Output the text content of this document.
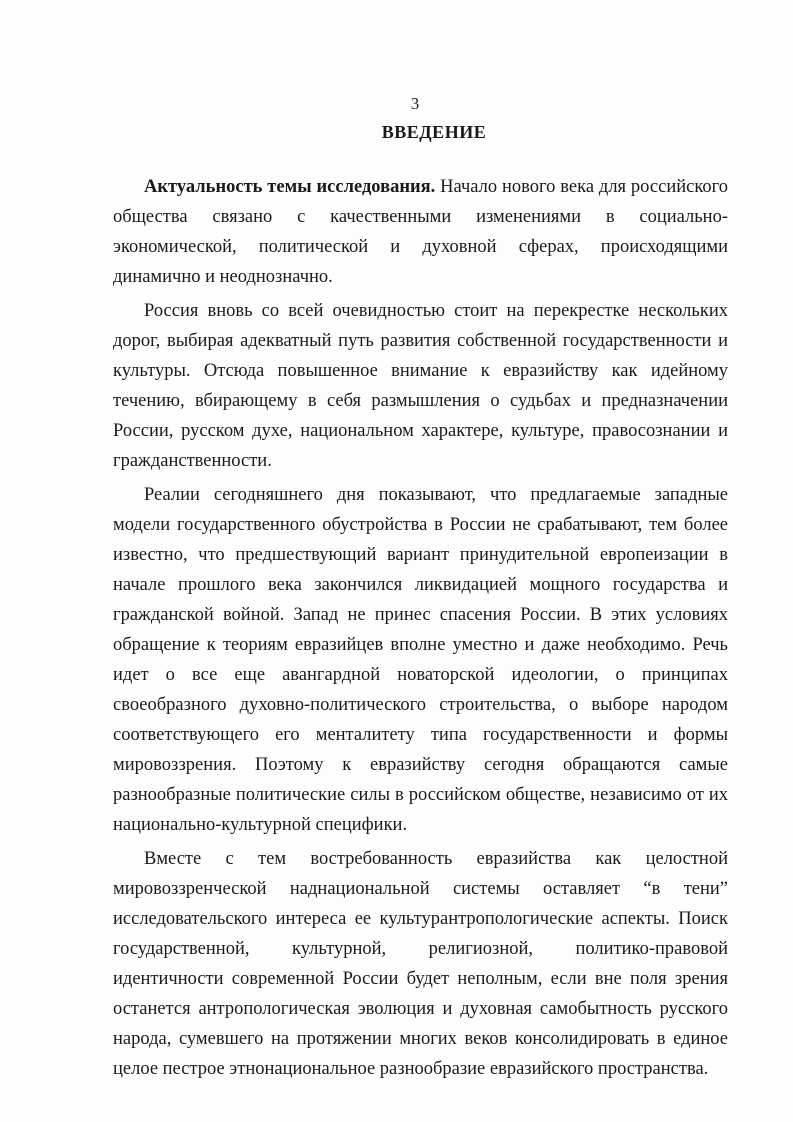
3
ВВЕДЕНИЕ

Актуальность темы исследования. Начало нового века для российского общества связано с качественными изменениями в социально-экономической, политической и духовной сферах, происходящими динамично и неоднозначно.

Россия вновь со всей очевидностью стоит на перекрестке нескольких дорог, выбирая адекватный путь развития собственной государственности и культуры. Отсюда повышенное внимание к евразийству как идейному течению, вбирающему в себя размышления о судьбах и предназначении России, русском духе, национальном характере, культуре, правосознании и гражданственности.

Реалии сегодняшнего дня показывают, что предлагаемые западные модели государственного обустройства в России не срабатывают, тем более известно, что предшествующий вариант принудительной европеизации в начале прошлого века закончился ликвидацией мощного государства и гражданской войной. Запад не принес спасения России. В этих условиях обращение к теориям евразийцев вполне уместно и даже необходимо. Речь идет о все еще авангардной новаторской идеологии, о принципах своеобразного духовно-политического строительства, о выборе народом соответствующего его менталитету типа государственности и формы мировоззрения. Поэтому к евразийству сегодня обращаются самые разнообразные политические силы в российском обществе, независимо от их национально-культурной специфики.

Вместе с тем востребованность евразийства как целостной мировоззренческой наднациональной системы оставляет “в тени” исследовательского интереса ее культурантропологические аспекты. Поиск государственной, культурной, религиозной, политико-правовой идентичности современной России будет неполным, если вне поля зрения останется антропологическая эволюция и духовная самобытность русского народа, сумевшего на протяжении многих веков консолидировать в единое целое пестрое этнонациональное разнообразие евразийского пространства.
